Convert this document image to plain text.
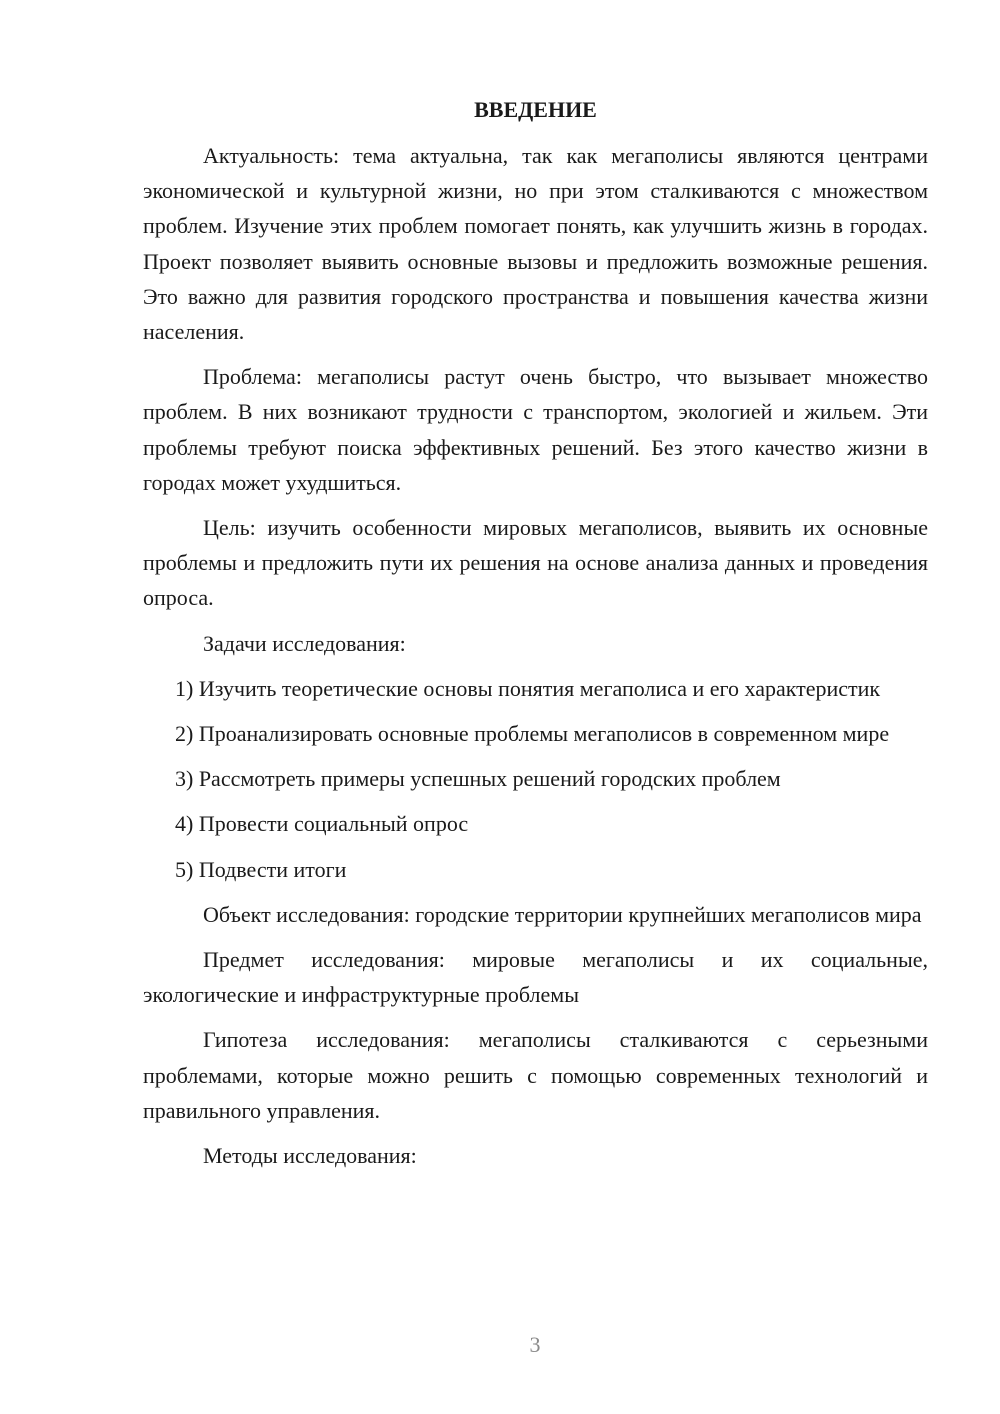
ВВЕДЕНИЕ

Актуальность: тема актуальна, так как мегаполисы являются центрами экономической и культурной жизни, но при этом сталкиваются с множеством проблем. Изучение этих проблем помогает понять, как улучшить жизнь в городах. Проект позволяет выявить основные вызовы и предложить возможные решения. Это важно для развития городского пространства и повышения качества жизни населения.

Проблема: мегаполисы растут очень быстро, что вызывает множество проблем. В них возникают трудности с транспортом, экологией и жильем. Эти проблемы требуют поиска эффективных решений. Без этого качество жизни в городах может ухудшиться.

Цель: изучить особенности мировых мегаполисов, выявить их основные проблемы и предложить пути их решения на основе анализа данных и проведения опроса.

Задачи исследования:

1) Изучить теоретические основы понятия мегаполиса и его характеристик

2) Проанализировать основные проблемы мегаполисов в современном мире

3) Рассмотреть примеры успешных решений городских проблем

4) Провести социальный опрос

5) Подвести итоги

Объект исследования: городские территории крупнейших мегаполисов мира

Предмет исследования: мировые мегаполисы и их социальные, экологические и инфраструктурные проблемы

Гипотеза исследования: мегаполисы сталкиваются с серьезными проблемами, которые можно решить с помощью современных технологий и правильного управления.

Методы исследования:

3
